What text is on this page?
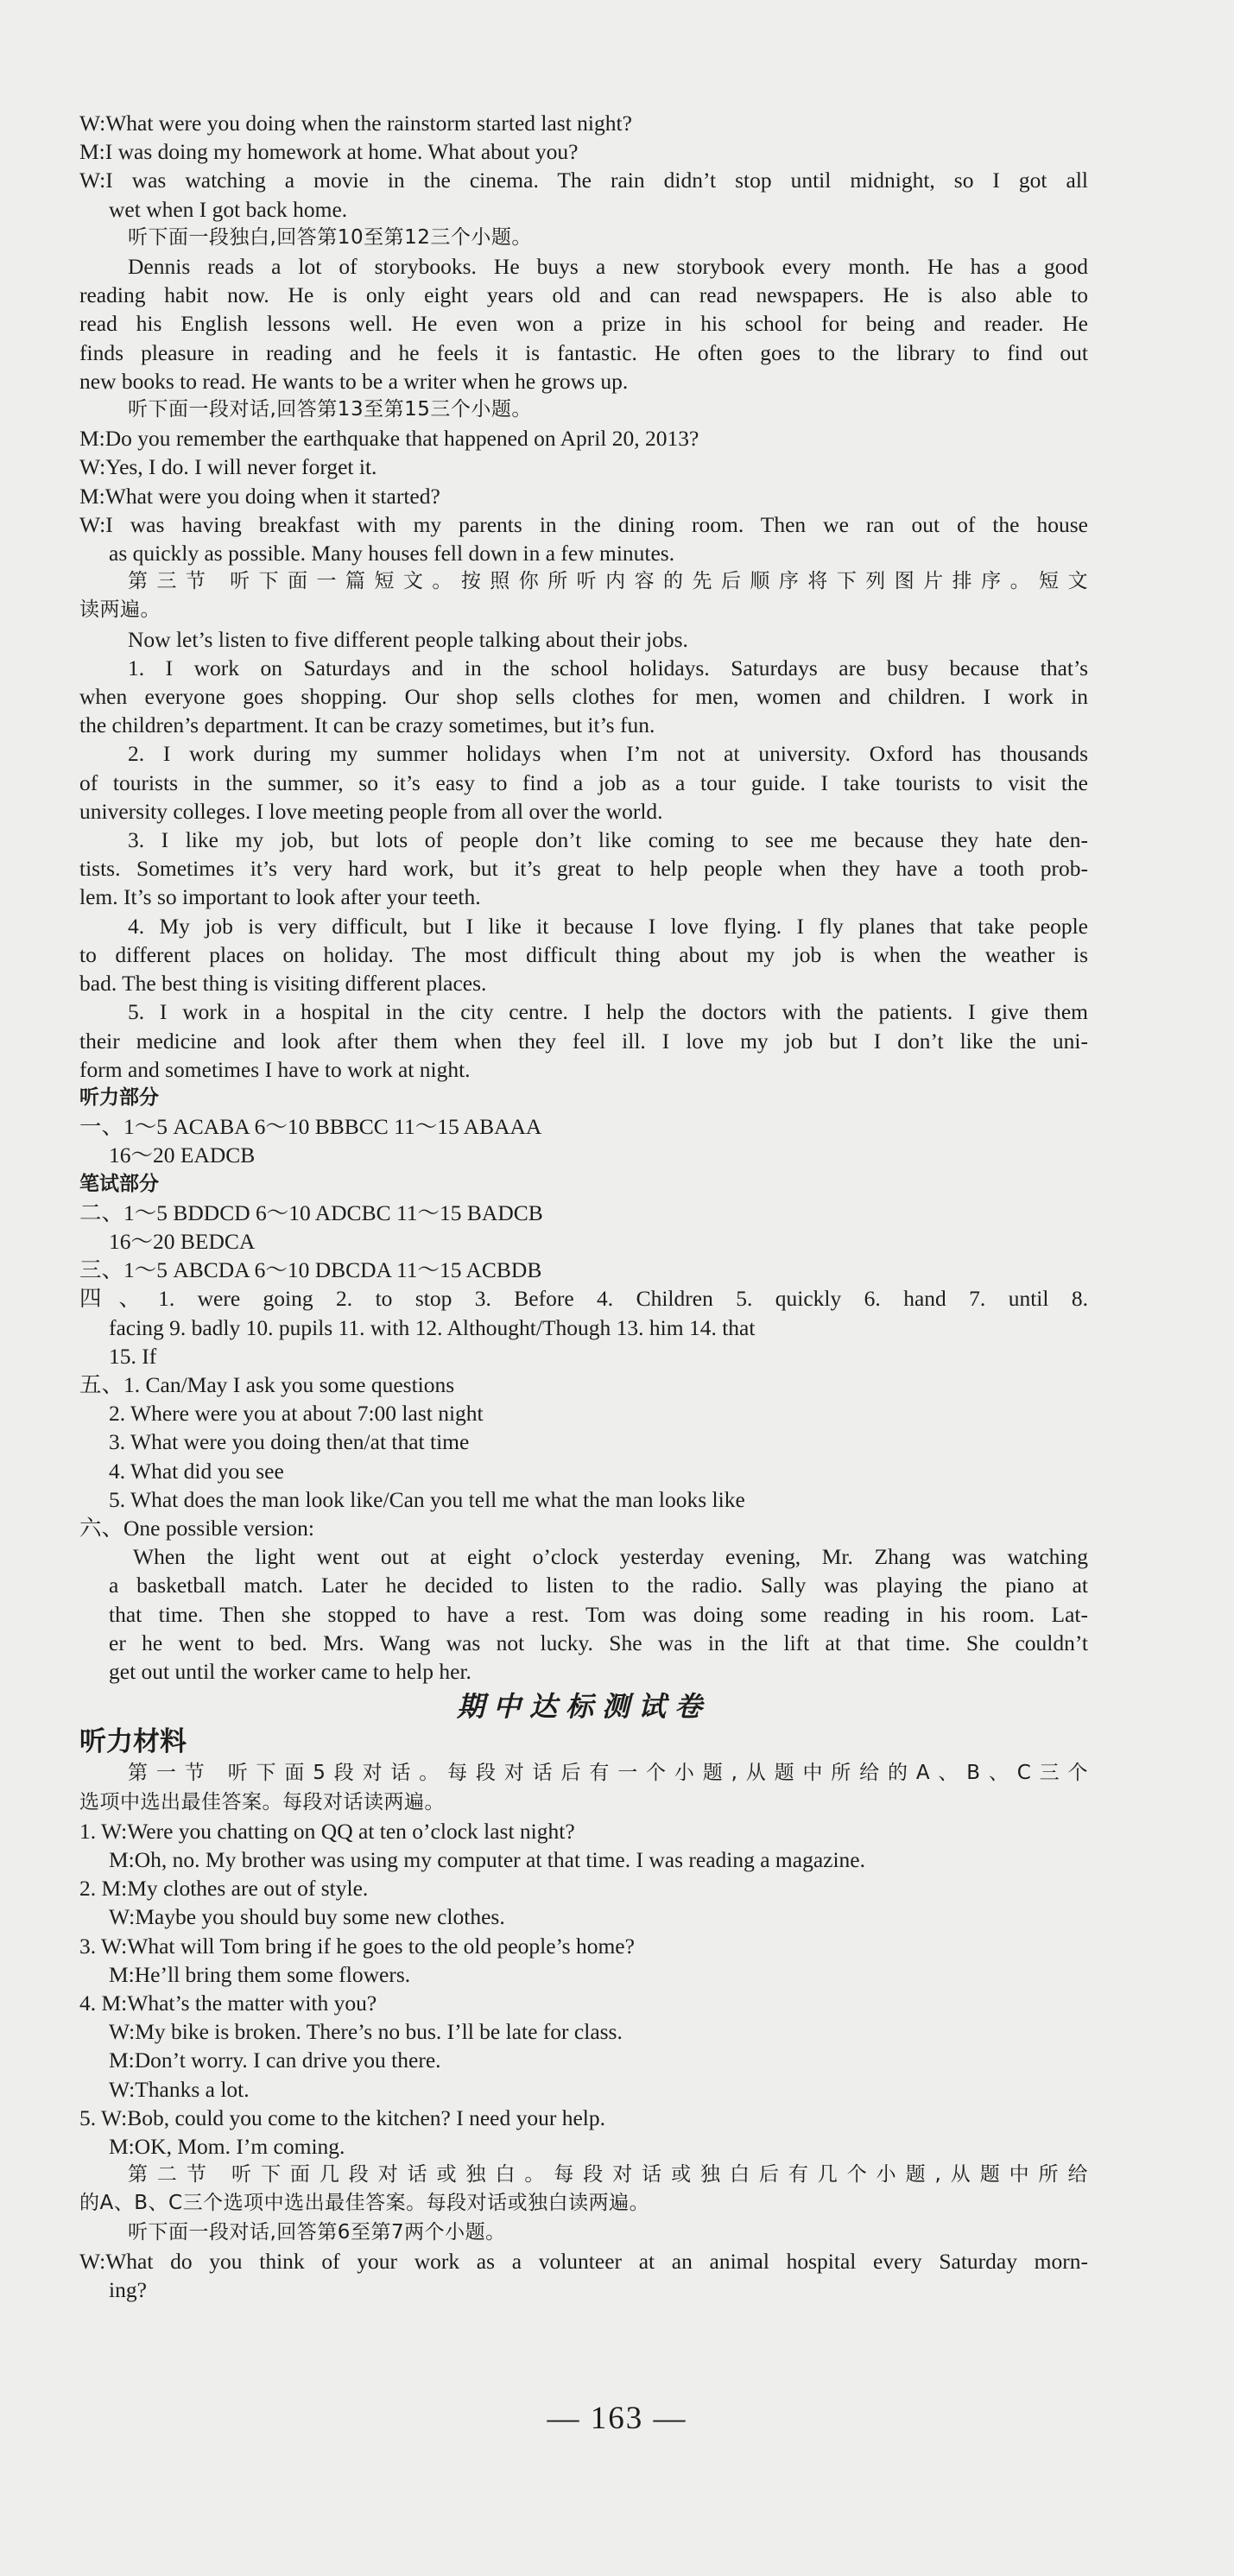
W:What were you doing when the rainstorm started last night?
M:I was doing my homework at home. What about you?
W:I was watching a movie in the cinema. The rain didn’t stop until midnight, so I got all
wet when I got back home.
听下面一段独白,回答第10至第12三个小题。
Dennis reads a lot of storybooks. He buys a new storybook every month. He has a good
reading habit now. He is only eight years old and can read newspapers. He is also able to
read his English lessons well. He even won a prize in his school for being and reader. He
finds pleasure in reading and he feels it is fantastic. He often goes to the library to find out
new books to read. He wants to be a writer when he grows up.
听下面一段对话,回答第13至第15三个小题。
M:Do you remember the earthquake that happened on April 20, 2013?
W:Yes, I do. I will never forget it.
M:What were you doing when it started?
W:I was having breakfast with my parents in the dining room. Then we ran out of the house
as quickly as possible. Many houses fell down in a few minutes.
第三节 听下面一篇短文。按照你所听内容的先后顺序将下列图片排序。短文
读两遍。
Now let’s listen to five different people talking about their jobs.
1. I work on Saturdays and in the school holidays. Saturdays are busy because that’s
when everyone goes shopping. Our shop sells clothes for men, women and children. I work in
the children’s department. It can be crazy sometimes, but it’s fun.
2. I work during my summer holidays when I’m not at university. Oxford has thousands
of tourists in the summer, so it’s easy to find a job as a tour guide. I take tourists to visit the
university colleges. I love meeting people from all over the world.
3. I like my job, but lots of people don’t like coming to see me because they hate den-
tists. Sometimes it’s very hard work, but it’s great to help people when they have a tooth prob-
lem. It’s so important to look after your teeth.
4. My job is very difficult, but I like it because I love flying. I fly planes that take people
to different places on holiday. The most difficult thing about my job is when the weather is
bad. The best thing is visiting different places.
5. I work in a hospital in the city centre. I help the doctors with the patients. I give them
their medicine and look after them when they feel ill. I love my job but I don’t like the uni-
form and sometimes I have to work at night.
听力部分
一、1～5 ACABA 6～10 BBBCC 11～15 ABAAA
16～20 EADCB
笔试部分
二、1～5 BDDCD 6～10 ADCBC 11～15 BADCB
16～20 BEDCA
三、1～5 ABCDA 6～10 DBCDA 11～15 ACBDB
四、1. were going 2. to stop 3. Before 4. Children 5. quickly 6. hand 7. until 8.
facing 9. badly 10. pupils 11. with 12. Althought/Though 13. him 14. that
15. If
五、1. Can/May I ask you some questions
2. Where were you at about 7:00 last night
3. What were you doing then/at that time
4. What did you see
5. What does the man look like/Can you tell me what the man looks like
六、One possible version:
When the light went out at eight o’clock yesterday evening, Mr. Zhang was watching
a basketball match. Later he decided to listen to the radio. Sally was playing the piano at
that time. Then she stopped to have a rest. Tom was doing some reading in his room. Lat-
er he went to bed. Mrs. Wang was not lucky. She was in the lift at that time. She couldn’t
get out until the worker came to help her.
期中达标测试卷
听力材料
第一节 听下面5段对话。每段对话后有一个小题,从题中所给的A、B、C三个
选项中选出最佳答案。每段对话读两遍。
1. W:Were you chatting on QQ at ten o’clock last night?
M:Oh, no. My brother was using my computer at that time. I was reading a magazine.
2. M:My clothes are out of style.
W:Maybe you should buy some new clothes.
3. W:What will Tom bring if he goes to the old people’s home?
M:He’ll bring them some flowers.
4. M:What’s the matter with you?
W:My bike is broken. There’s no bus. I’ll be late for class.
M:Don’t worry. I can drive you there.
W:Thanks a lot.
5. W:Bob, could you come to the kitchen? I need your help.
M:OK, Mom. I’m coming.
第二节 听下面几段对话或独白。每段对话或独白后有几个小题,从题中所给
的A、B、C三个选项中选出最佳答案。每段对话或独白读两遍。
听下面一段对话,回答第6至第7两个小题。
W:What do you think of your work as a volunteer at an animal hospital every Saturday morn-
ing?
— 163 —
